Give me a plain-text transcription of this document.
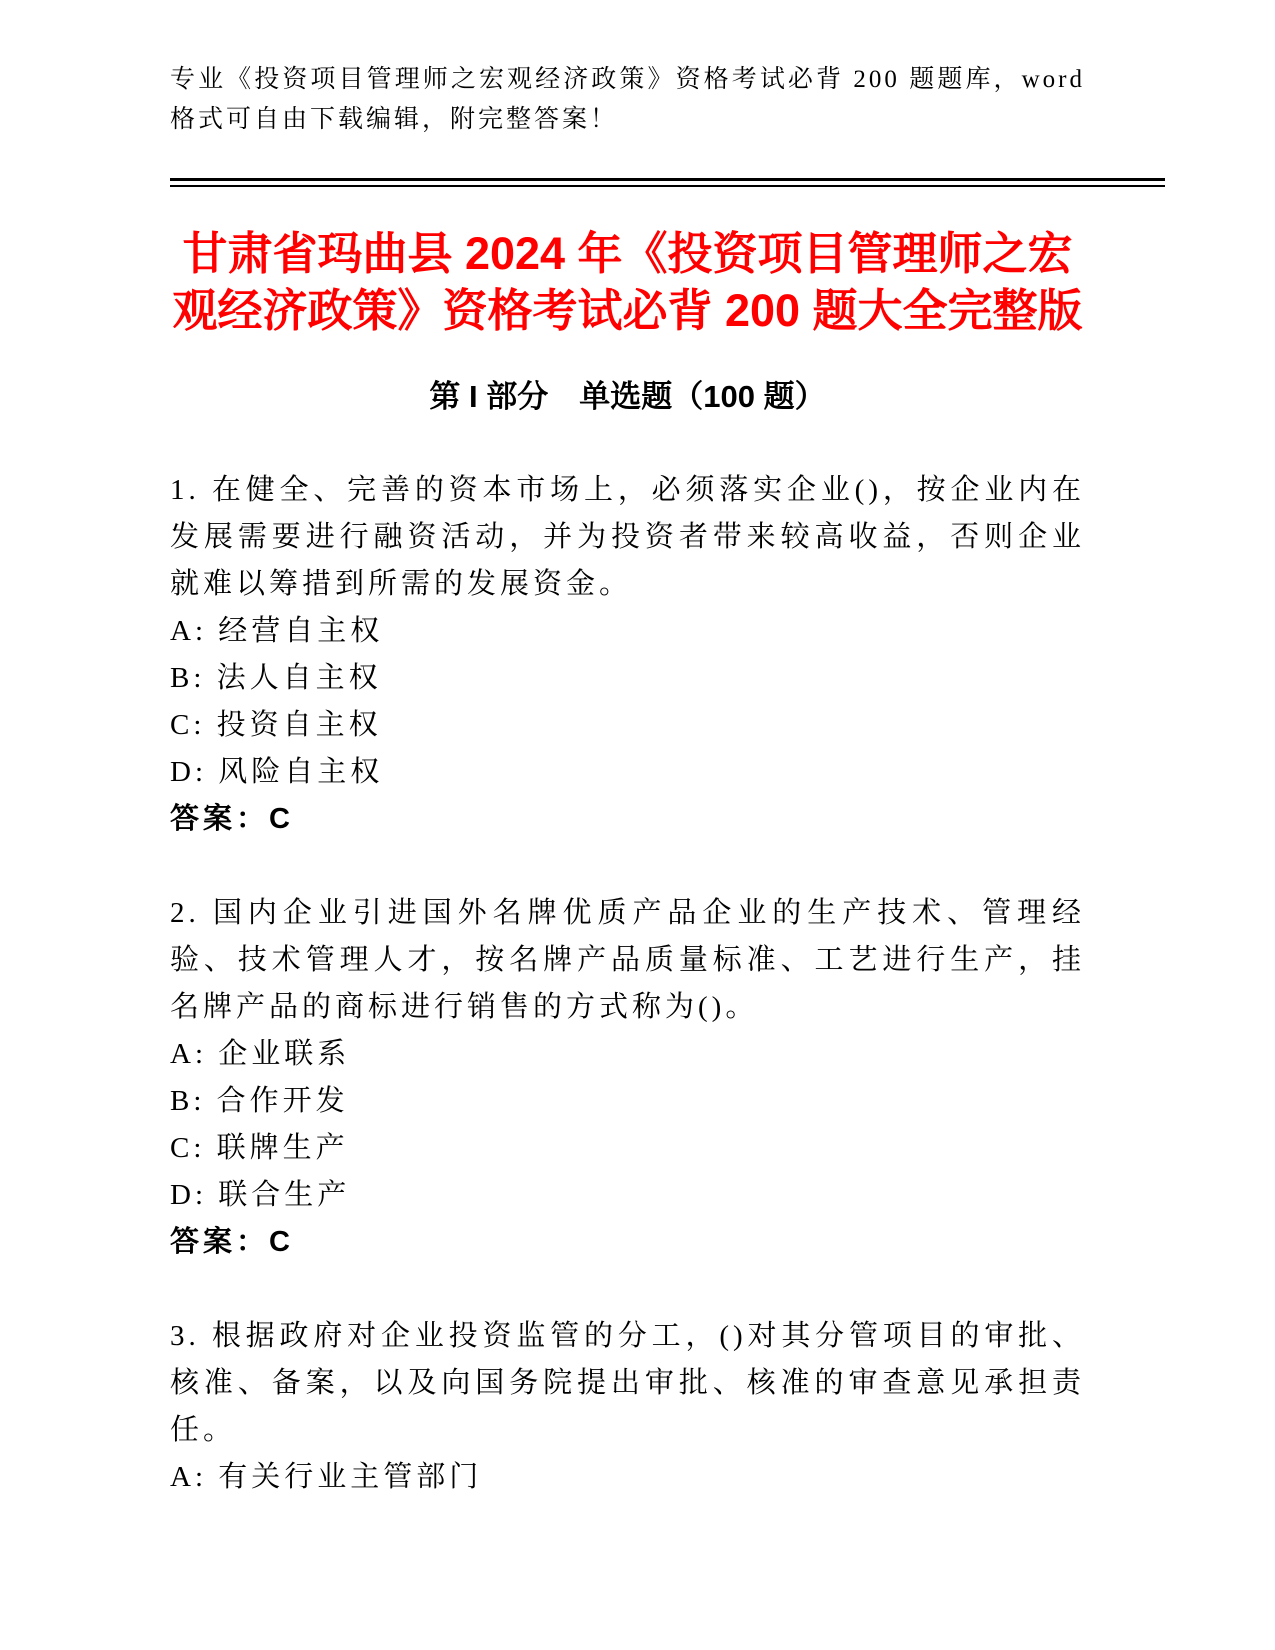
专业《投资项目管理师之宏观经济政策》资格考试必背 200 题题库，word 格式可自由下载编辑，附完整答案！

甘肃省玛曲县 2024 年《投资项目管理师之宏观经济政策》资格考试必背 200 题大全完整版
第 I 部分　单选题（100 题）

1. 在健全、完善的资本市场上，必须落实企业()，按企业内在发展需要进行融资活动，并为投资者带来较高收益，否则企业就难以筹措到所需的发展资金。

A: 经营自主权

B: 法人自主权

C: 投资自主权

D: 风险自主权

答案：C

2. 国内企业引进国外名牌优质产品企业的生产技术、管理经验、技术管理人才，按名牌产品质量标准、工艺进行生产，挂名牌产品的商标进行销售的方式称为()。

A: 企业联系

B: 合作开发

C: 联牌生产

D: 联合生产

答案：C

3. 根据政府对企业投资监管的分工，()对其分管项目的审批、核准、备案，以及向国务院提出审批、核准的审查意见承担责任。

A: 有关行业主管部门
